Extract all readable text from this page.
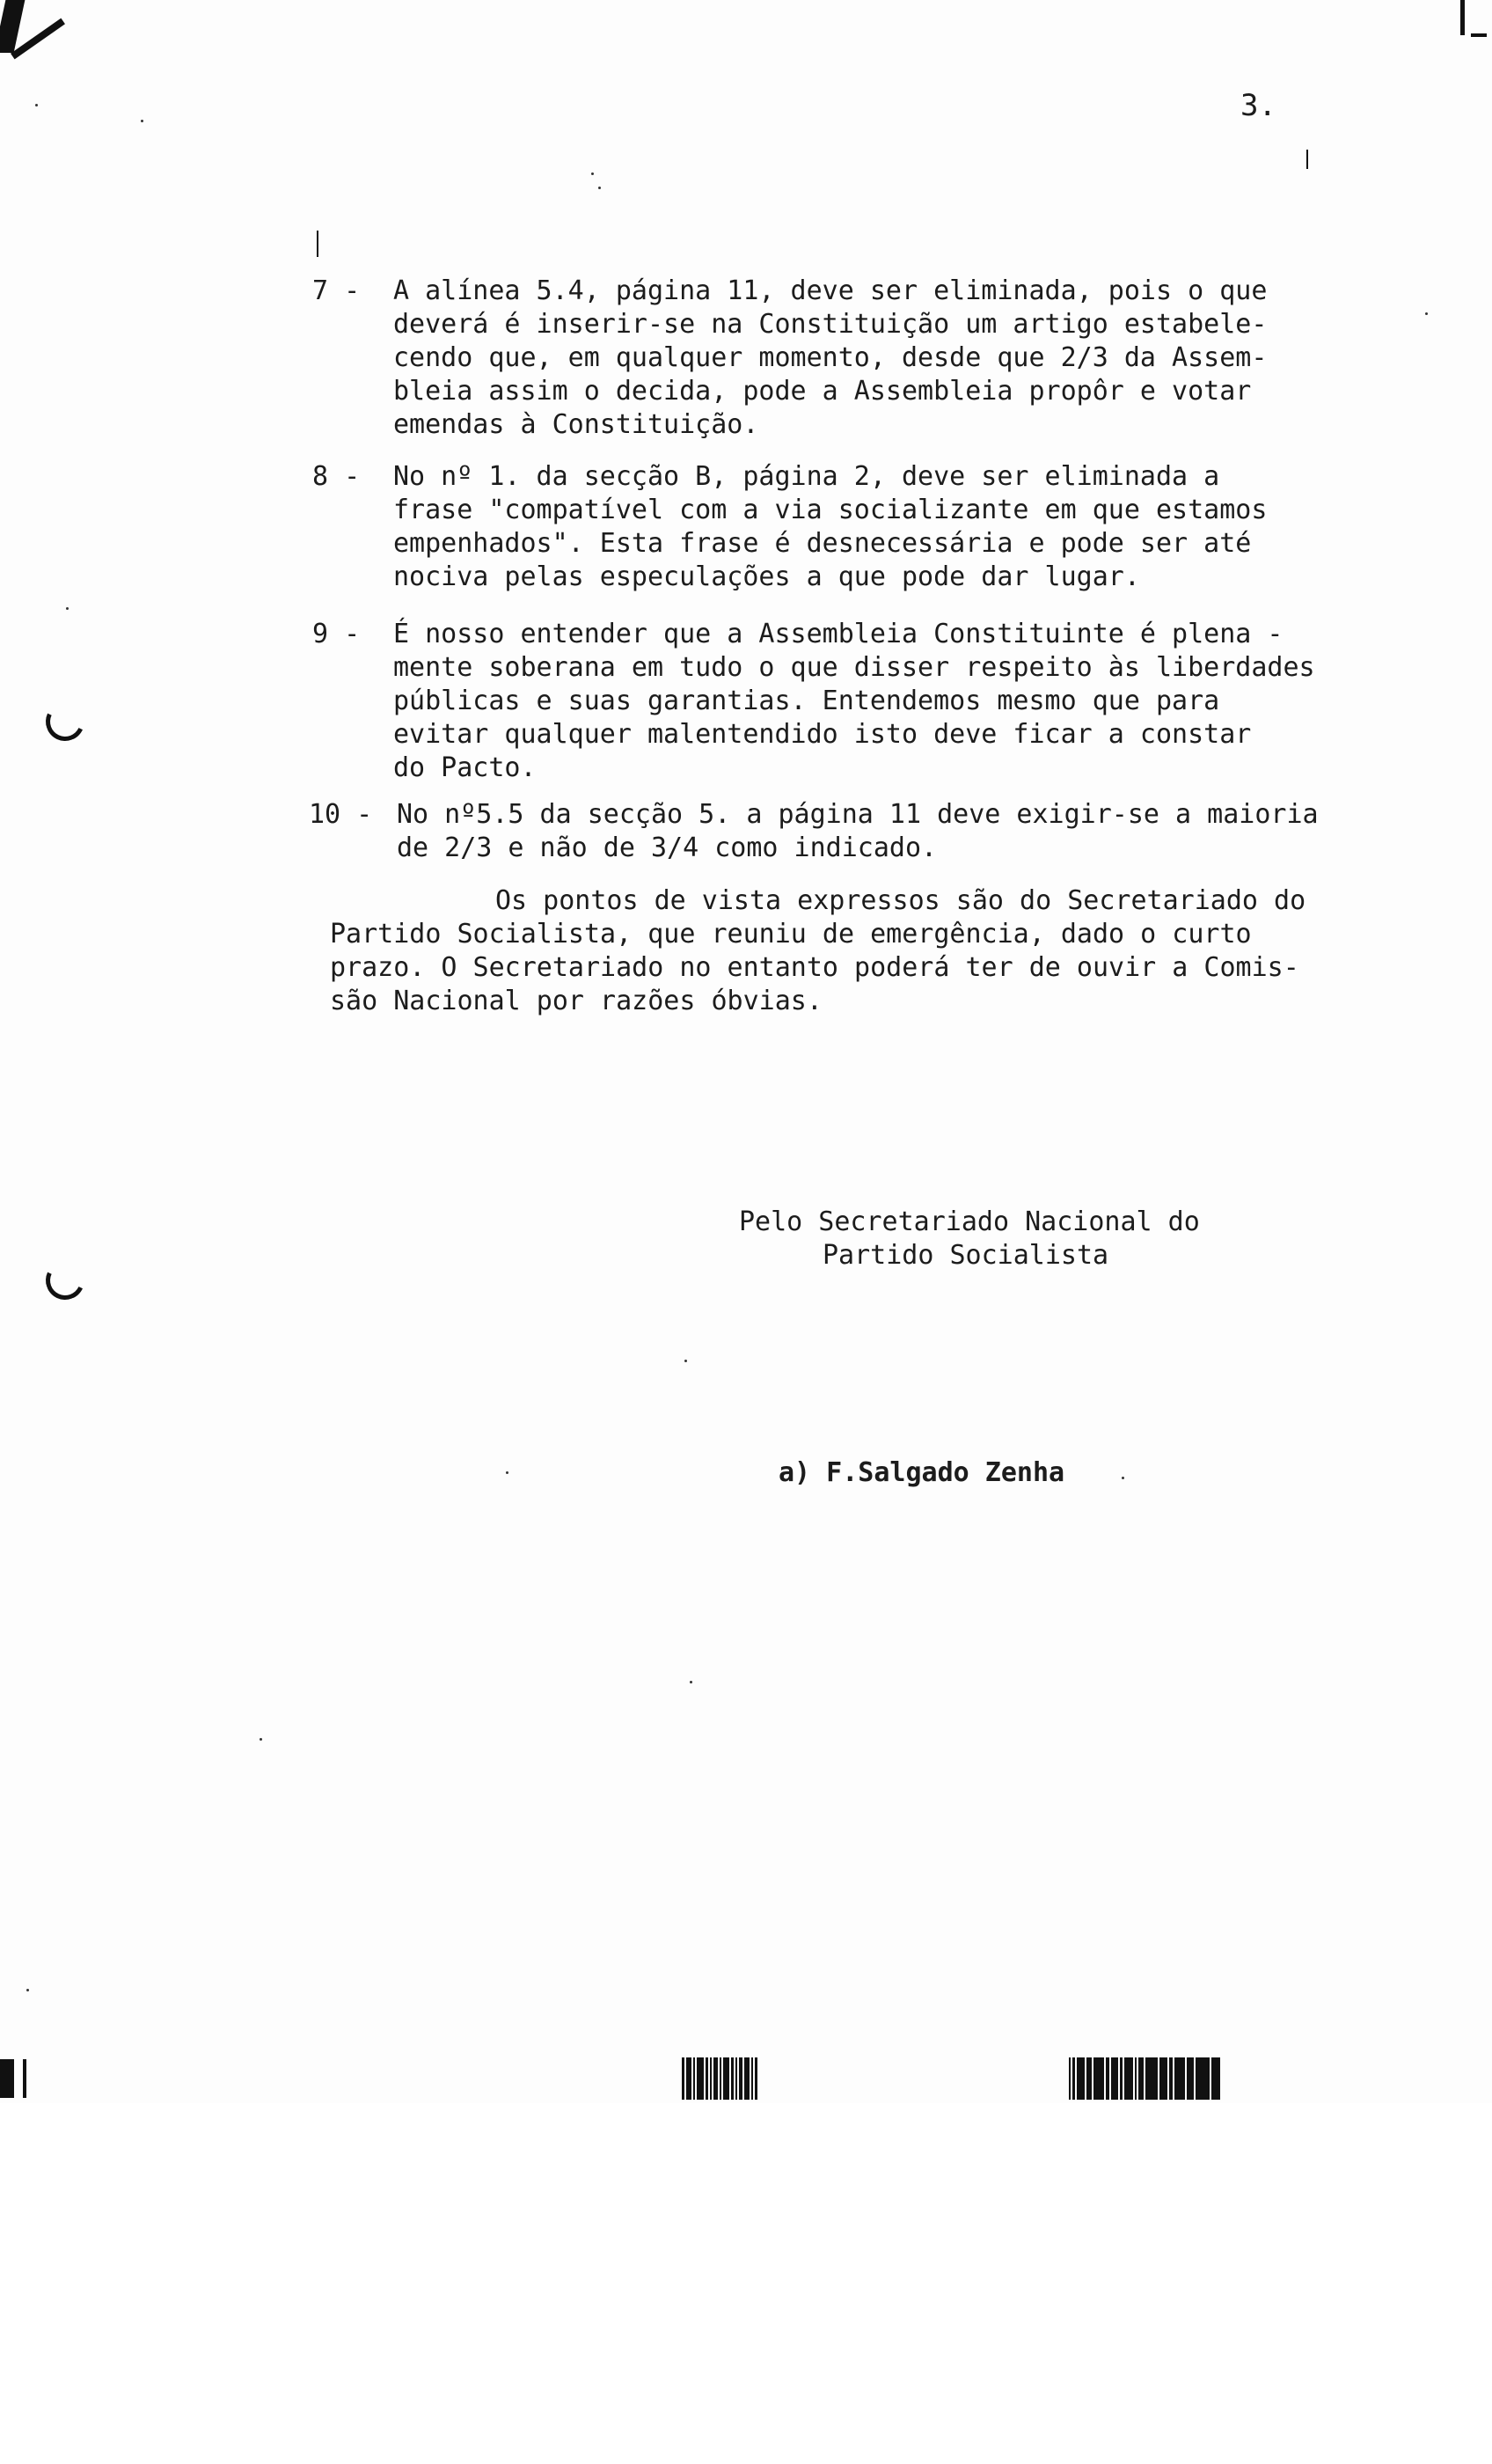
3.
7 -	A alínea 5.4, página 11, deve ser eliminada, pois o que
deverá é inserir-se na Constituição um artigo estabele-
cendo que, em qualquer momento, desde que 2/3 da Assem-
bleia assim o decida, pode a Assembleia propôr e votar
emendas à Constituição.
8 -	No nº 1. da secção B, página 2, deve ser eliminada a
frase "compatível com a via socializante em que estamos
empenhados". Esta frase é desnecessária e pode ser até
nociva pelas especulações a que pode dar lugar.
9 -	É nosso entender que a Assembleia Constituinte é plena -
mente soberana em tudo o que disser respeito às liberdades
públicas e suas garantias. Entendemos mesmo que para
evitar qualquer malentendido isto deve ficar a constar
do Pacto.
10 - No nº5.5 da secção 5. a página 11 deve exigir-se a maioria
de 2/3 e não de 3/4 como indicado.
Os pontos de vista expressos são do Secretariado do
Partido Socialista, que reuniu de emergência, dado o curto
prazo. O Secretariado no entanto poderá ter de ouvir a Comis-
são Nacional por razões óbvias.
Pelo Secretariado Nacional do
Partido Socialista
a) F.Salgado Zenha
